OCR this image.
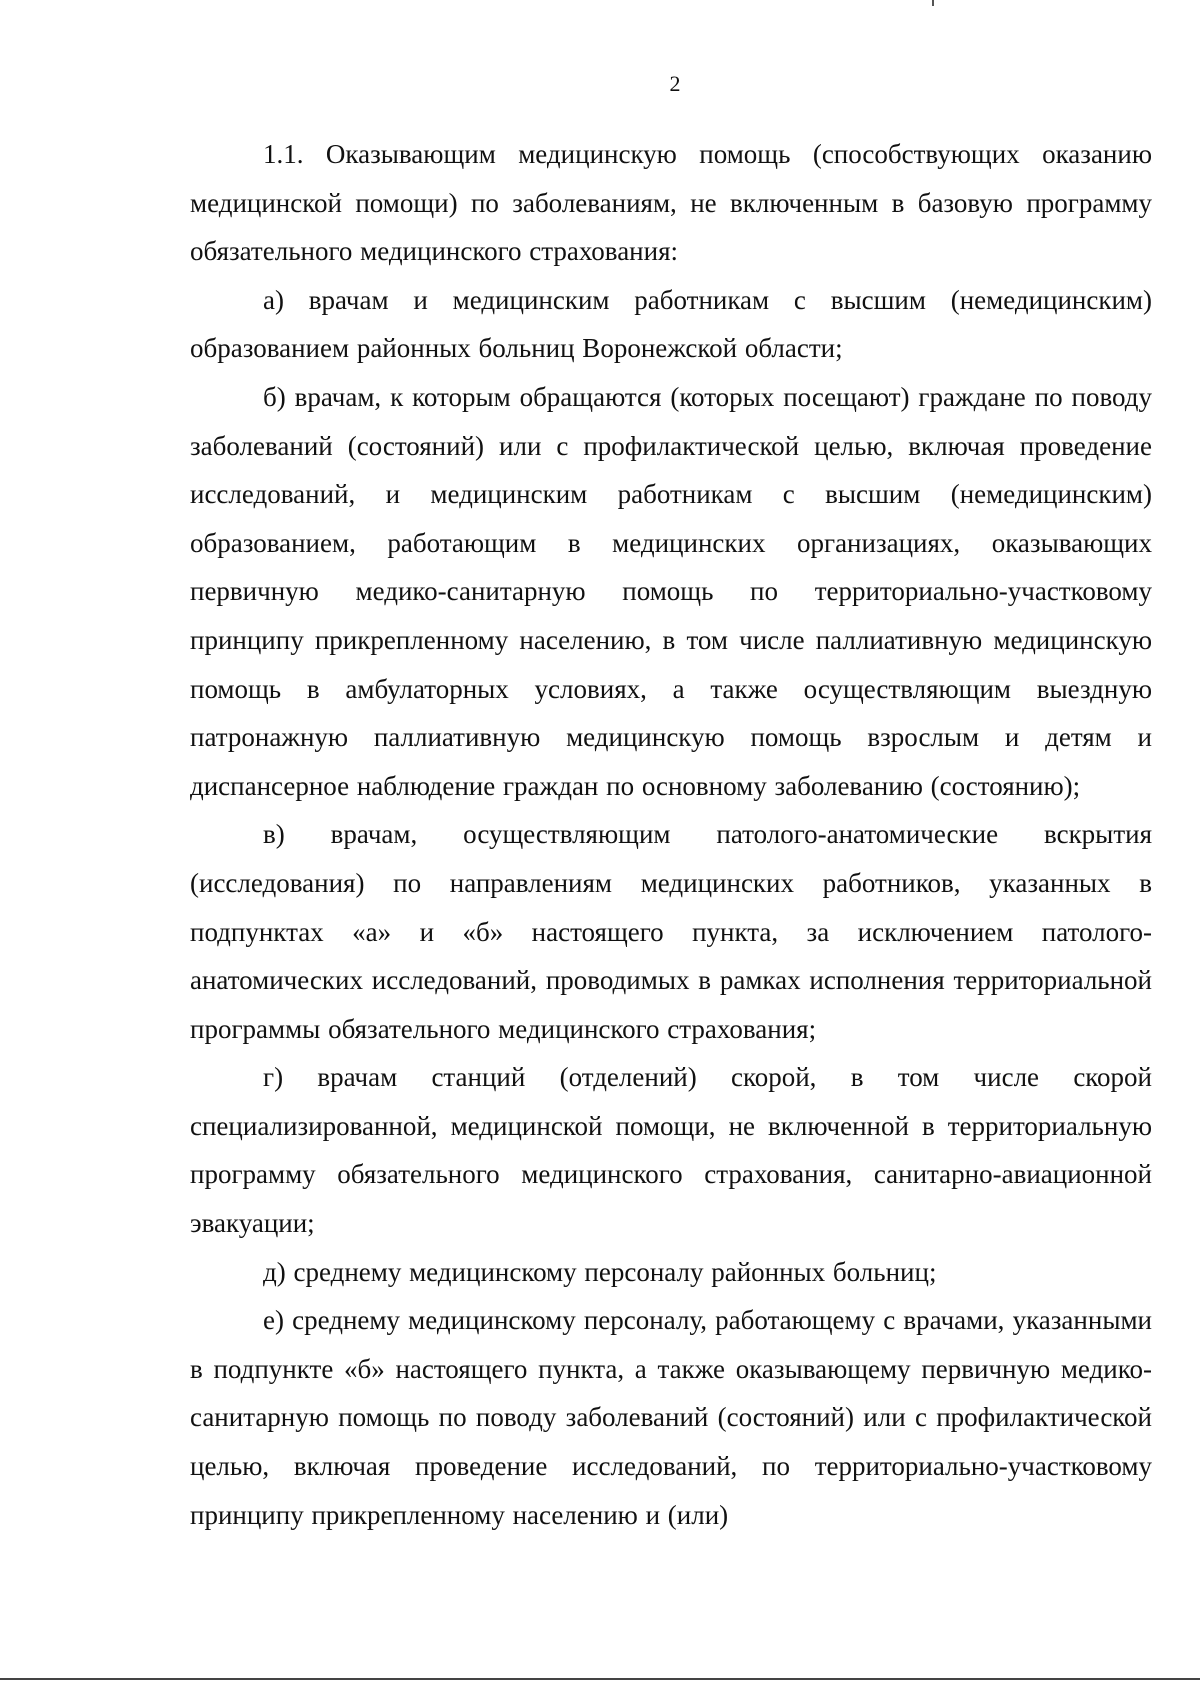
2

1.1. Оказывающим медицинскую помощь (способствующих оказанию медицинской помощи) по заболеваниям, не включенным в базовую программу обязательного медицинского страхования:

а) врачам и медицинским работникам с высшим (немедицинским) образованием районных больниц Воронежской области;

б) врачам, к которым обращаются (которых посещают) граждане по поводу заболеваний (состояний) или с профилактической целью, включая проведение исследований, и медицинским работникам с высшим (немедицинским) образованием, работающим в медицинских организациях, оказывающих первичную медико-санитарную помощь по территориально-участковому принципу прикрепленному населению, в том числе паллиативную медицинскую помощь в амбулаторных условиях, а также осуществляющим выездную патронажную паллиативную медицинскую помощь взрослым и детям и диспансерное наблюдение граждан по основному заболеванию (состоянию);

в) врачам, осуществляющим патолого-анатомические вскрытия (исследования) по направлениям медицинских работников, указанных в подпунктах «а» и «б» настоящего пункта, за исключением патолого-анатомических исследований, проводимых в рамках исполнения территориальной программы обязательного медицинского страхования;

г) врачам станций (отделений) скорой, в том числе скорой специализированной, медицинской помощи, не включенной в территориальную программу обязательного медицинского страхования, санитарно-авиационной эвакуации;

д) среднему медицинскому персоналу районных больниц;

е) среднему медицинскому персоналу, работающему с врачами, указанными в подпункте «б» настоящего пункта, а также оказывающему первичную медико-санитарную помощь по поводу заболеваний (состояний) или с профилактической целью, включая проведение исследований, по территориально-участковому принципу прикрепленному населению и (или)
